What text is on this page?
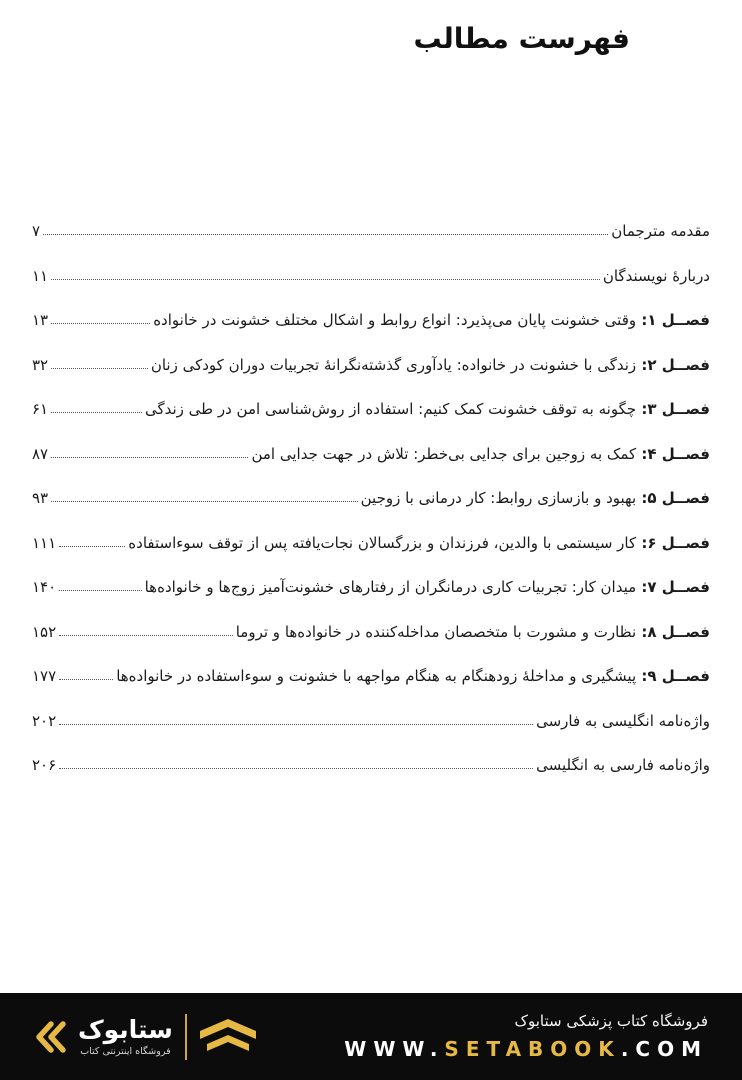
فهرست مطالب
مقدمه مترجمان
۷
دربارۀ نویسندگان
۱۱
فصــل ۱: وقتی خشونت پایان می‌پذیرد: انواع روابط و اشکال مختلف خشونت در خانواده
۱۳
فصــل ۲: زندگی با خشونت در خانواده: یادآوری گذشته‌نگرانۀ تجربیات دوران کودکی زنان
۳۲
فصــل ۳: چگونه به توقف خشونت کمک کنیم: استفاده از روش‌شناسی امن در طی زندگی
۶۱
فصــل ۴: کمک به زوجین برای جدایی بی‌خطر: تلاش در جهت جدایی امن
۸۷
فصــل ۵: بهبود و بازسازی روابط: کارِ درمانی با زوجین
۹۳
فصــل ۶: کارِ سیستمی با والدین، فرزندان و بزرگسالانِ نجات‌یافته پس از توقف سوءاستفاده
۱۱۱
فصــل ۷: میدانِ کار: تجربیات کاری درمانگران از رفتارهای خشونت‌آمیز زوج‌ها و خانواده‌ها
۱۴۰
فصــل ۸: نظارت و مشورت با متخصصان مداخله‌کننده در خانواده‌ها و تروما
۱۵۲
فصــل ۹: پیشگیری و مداخلۀ زودهنگام به هنگام مواجهه با خشونت و سوءاستفاده در خانواده‌ها
۱۷۷
واژه‌نامه انگلیسی به فارسی
۲۰۲
واژه‌نامه فارسی به انگلیسی
۲۰۶
ستابوک
فروشگاه اینترنتی کتاب
فروشگاه کتاب پزشکی ستابوک
WWW.SETABOOK.COM
